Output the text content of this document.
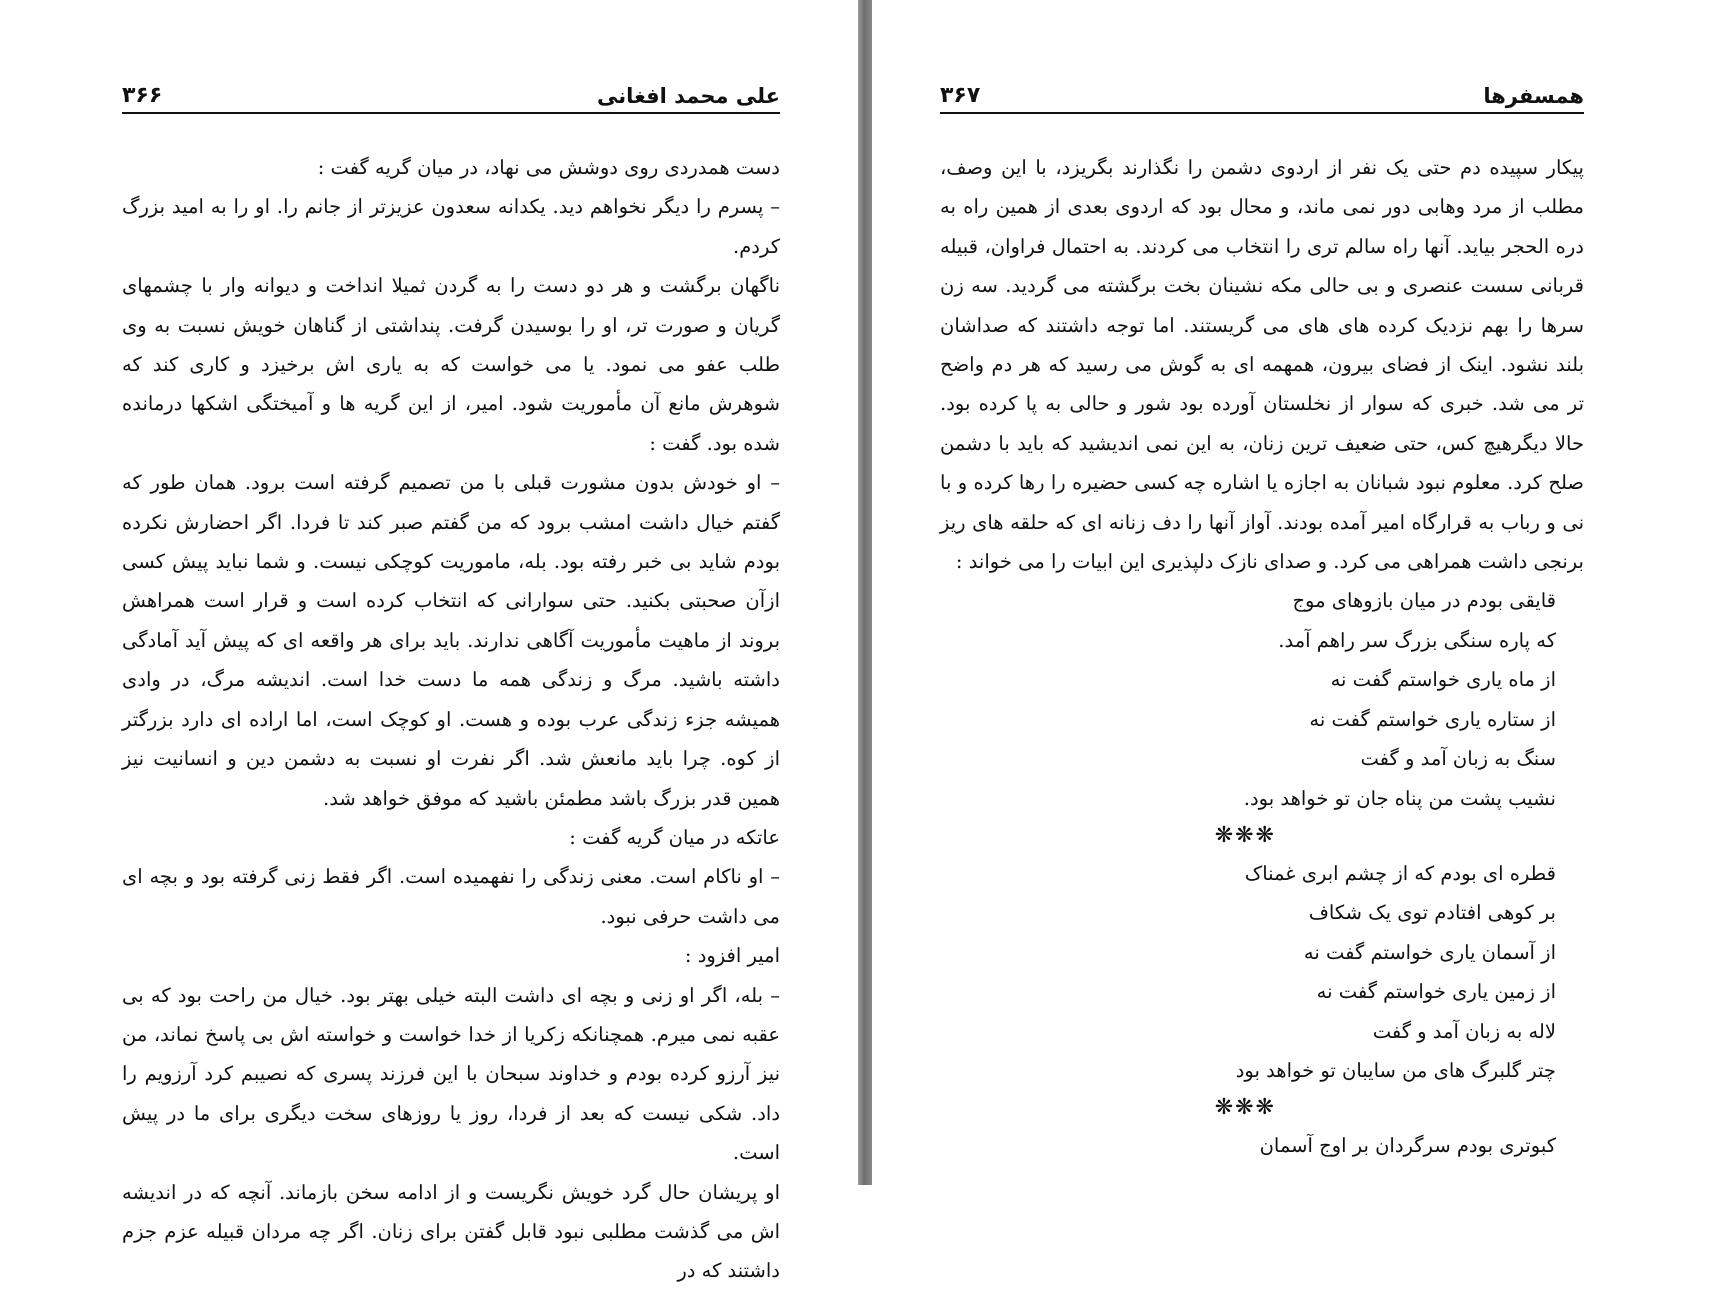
علی محمد افغانی
۳۶۶

دست همدردی روی دوشش می نهاد، در میان گریه گفت :

– پسرم را دیگر نخواهم دید. یکدانه سعدون عزیزتر از جانم را. او را به امید بزرگ کردم.

ناگهان برگشت و هر دو دست را به گردن ثمیلا انداخت و دیوانه وار با چشمهای گریان و صورت تر، او را بوسیدن گرفت. پنداشتی از گناهان خویش نسبت به وی طلب عفو می نمود. یا می خواست که به یاری اش برخیزد و کاری کند که شوهرش مانع آن مأموریت شود. امیر، از این گریه ها و آمیختگی اشکها درمانده شده بود. گفت :

– او خودش بدون مشورت قبلی با من تصمیم گرفته است برود. همان طور که گفتم خیال داشت امشب برود که من گفتم صبر کند تا فردا. اگر احضارش نکرده بودم شاید بی خبر رفته بود. بله، ماموریت کوچکی نیست. و شما نباید پیش کسی ازآن صحبتی بکنید. حتی سوارانی که انتخاب کرده است و قرار است همراهش بروند از ماهیت مأموریت آگاهی ندارند. باید برای هر واقعه ای که پیش آید آمادگی داشته باشید. مرگ و زندگی همه ما دست خدا است. اندیشه مرگ، در وادی همیشه جزء زندگی عرب بوده و هست. او کوچک است، اما اراده ای دارد بزرگتر از کوه. چرا باید مانعش شد. اگر نفرت او نسبت به دشمن دین و انسانیت نیز همین قدر بزرگ باشد مطمئن باشید که موفق خواهد شد.

عاتکه در میان گریه گفت :

– او ناکام است. معنی زندگی را نفهمیده است. اگر فقط زنی گرفته بود و بچه ای می داشت حرفی نبود.

امیر افزود :

– بله، اگر او زنی و بچه ای داشت البته خیلی بهتر بود. خیال من راحت بود که بی عقبه نمی میرم. همچنانکه زکریا از خدا خواست و خواسته اش بی پاسخ نماند، من نیز آرزو کرده بودم و خداوند سبحان با این فرزند پسری که نصیبم کرد آرزویم را داد. شکی نیست که بعد از فردا، روز یا روزهای سخت دیگری برای ما در پیش است.

او پریشان حال گرد خویش نگریست و از ادامه سخن بازماند. آنچه که در اندیشه اش می گذشت مطلبی نبود قابل گفتن برای زنان. اگر چه مردان قبیله عزم جزم داشتند که در

همسفرها
۳۶۷

پیکار سپیده دم حتی یک نفر از اردوی دشمن را نگذارند بگریزد، با این وصف، مطلب از مرد وهابی دور نمی ماند، و محال بود که اردوی بعدی از همین راه به دره الحجر بیاید. آنها راه سالم تری را انتخاب می کردند. به احتمال فراوان، قبیله قربانی سست عنصری و بی حالی مکه نشینان بخت برگشته می گردید. سه زن سرها را بهم نزدیک کرده های های می گریستند. اما توجه داشتند که صداشان بلند نشود. اینک از فضای بیرون، همهمه ای به گوش می رسید که هر دم واضح تر می شد. خبری که سوار از نخلستان آورده بود شور و حالی به پا کرده بود. حالا دیگرهیچ کس، حتی ضعیف ترین زنان، به این نمی اندیشید که باید با دشمن صلح کرد. معلوم نبود شبانان به اجازه یا اشاره چه کسی حضیره را رها کرده و با نی و رباب به قرارگاه امیر آمده بودند. آواز آنها را دف زنانه ای که حلقه های ریز برنجی داشت همراهی می کرد. و صدای نازک دلپذیری این ابیات را می خواند :

قایقی بودم در میان بازوهای موج

که پاره سنگی بزرگ سر راهم آمد.

از ماه یاری خواستم گفت نه

از ستاره یاری خواستم گفت نه

سنگ به زبان آمد و گفت

نشیب پشت من پناه جان تو خواهد بود.

❋❋❋

قطره ای بودم که از چشم ابری غمناک

بر کوهی افتادم توی یک شکاف

از آسمان یاری خواستم گفت نه

از زمین یاری خواستم گفت نه

لاله به زبان آمد و گفت

چتر گلبرگ های من سایبان تو خواهد بود

❋❋❋

کبوتری بودم سرگردان بر اوج آسمان
